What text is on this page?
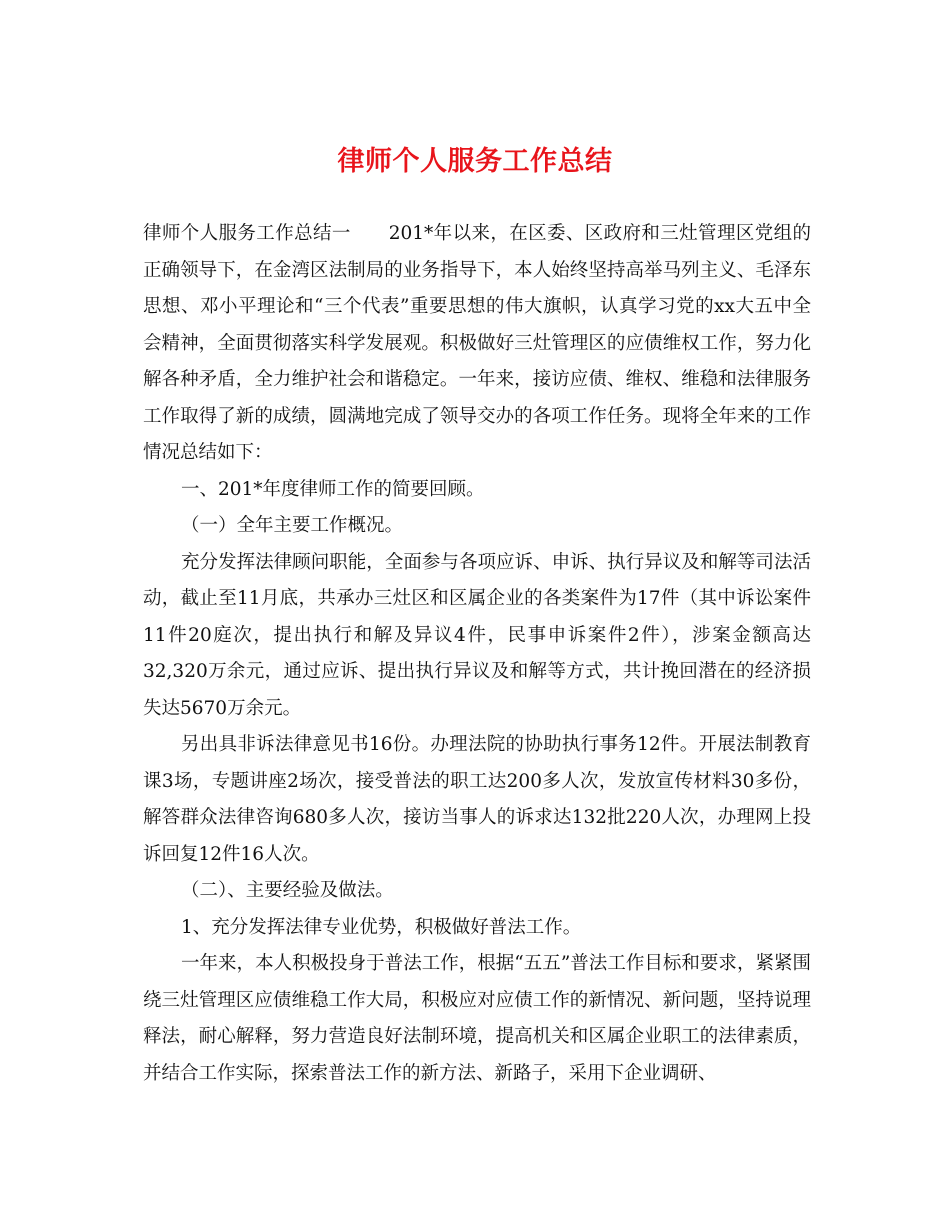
律师个人服务工作总结

律师个人服务工作总结一 201*年以来，在区委、区政府和三灶管理区党组的正确领导下，在金湾区法制局的业务指导下，本人始终坚持高举马列主义、毛泽东思想、邓小平理论和“三个代表”重要思想的伟大旗帜，认真学习党的xx大五中全会精神，全面贯彻落实科学发展观。积极做好三灶管理区的应债维权工作，努力化解各种矛盾，全力维护社会和谐稳定。一年来，接访应债、维权、维稳和法律服务工作取得了新的成绩，圆满地完成了领导交办的各项工作任务。现将全年来的工作情况总结如下：

一、201*年度律师工作的简要回顾。

（一）全年主要工作概况。

充分发挥法律顾问职能，全面参与各项应诉、申诉、执行异议及和解等司法活动，截止至11月底，共承办三灶区和区属企业的各类案件为17件（其中诉讼案件11件20庭次，提出执行和解及异议4件，民事申诉案件2件），涉案金额高达32,320万余元，通过应诉、提出执行异议及和解等方式，共计挽回潜在的经济损失达5670万余元。

另出具非诉法律意见书16份。办理法院的协助执行事务12件。开展法制教育课3场，专题讲座2场次，接受普法的职工达200多人次，发放宣传材料30多份，解答群众法律咨询680多人次，接访当事人的诉求达132批220人次，办理网上投诉回复12件16人次。

（二）、主要经验及做法。

1、充分发挥法律专业优势，积极做好普法工作。

一年来，本人积极投身于普法工作，根据“五五”普法工作目标和要求，紧紧围绕三灶管理区应债维稳工作大局，积极应对应债工作的新情况、新问题，坚持说理释法，耐心解释，努力营造良好法制环境，提高机关和区属企业职工的法律素质，并结合工作实际，探索普法工作的新方法、新路子，采用下企业调研、
